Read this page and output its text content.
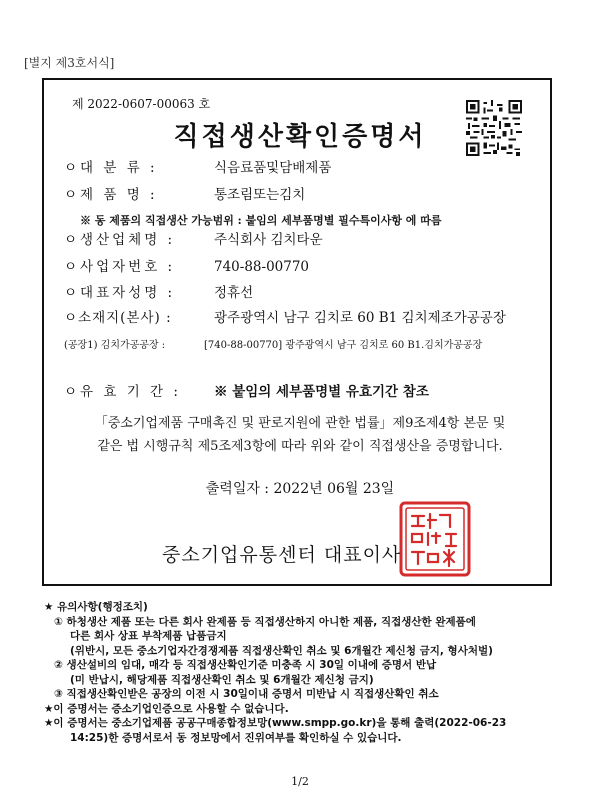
[별지 제3호서식]
제 2022-0607-00063 호
직접생산확인증명서
ㅇ대 분 류 :	식음료품및담배제품
ㅇ제 품 명 :	통조림또는김치
※ 동 제품의 직접생산 가능범위 : 붙임의 세부품명별 필수특이사항 에 따름
ㅇ생산업체명 :	주식회사 김치타운
ㅇ사업자번호 :	740-88-00770
ㅇ대표자성명 :	정휴선
ㅇ소재지(본사) :	광주광역시 남구 김치로 60 B1 김치제조가공공장
(공장1) 김치가공공장 :	[740-88-00770] 광주광역시 남구 김치로 60 B1.김치가공공장
ㅇ유 효 기 간 : ※ 붙임의 세부품명별 유효기간 참조
「중소기업제품 구매촉진 및 판로지원에 관한 법률」제9조제4항 본문 및
같은 법 시행규칙 제5조제3항에 따라 위와 같이 직접생산을 증명합니다.
출력일자 : 2022년 06월 23일
중소기업유통센터 대표이사
★ 유의사항(행정조치)
① 하청생산 제품 또는 다른 회사 완제품 등 직접생산하지 아니한 제품, 직접생산한 완제품에
다른 회사 상표 부착제품 납품금지
(위반시, 모든 중소기업자간경쟁제품 직접생산확인 취소 및 6개월간 제신청 금지, 형사처벌)
② 생산설비의 임대, 매각 등 직접생산확인기준 미충족 시 30일 이내에 증명서 반납
(미 반납시, 해당제품 직접생산확인 취소 및 6개월간 제신청 금지)
③ 직접생산확인받은 공장의 이전 시 30일이내 증명서 미반납 시 직접생산확인 취소
★이 증명서는 증소기업인증으로 사용할 수 없습니다.
★이 증명서는 중소기업제품 공공구매종합정보망(www.smpp.go.kr)을 통해 출력(2022-06-23
14:25)한 증명서로서 동 정보망에서 진위여부를 확인하실 수 있습니다.
1/2
